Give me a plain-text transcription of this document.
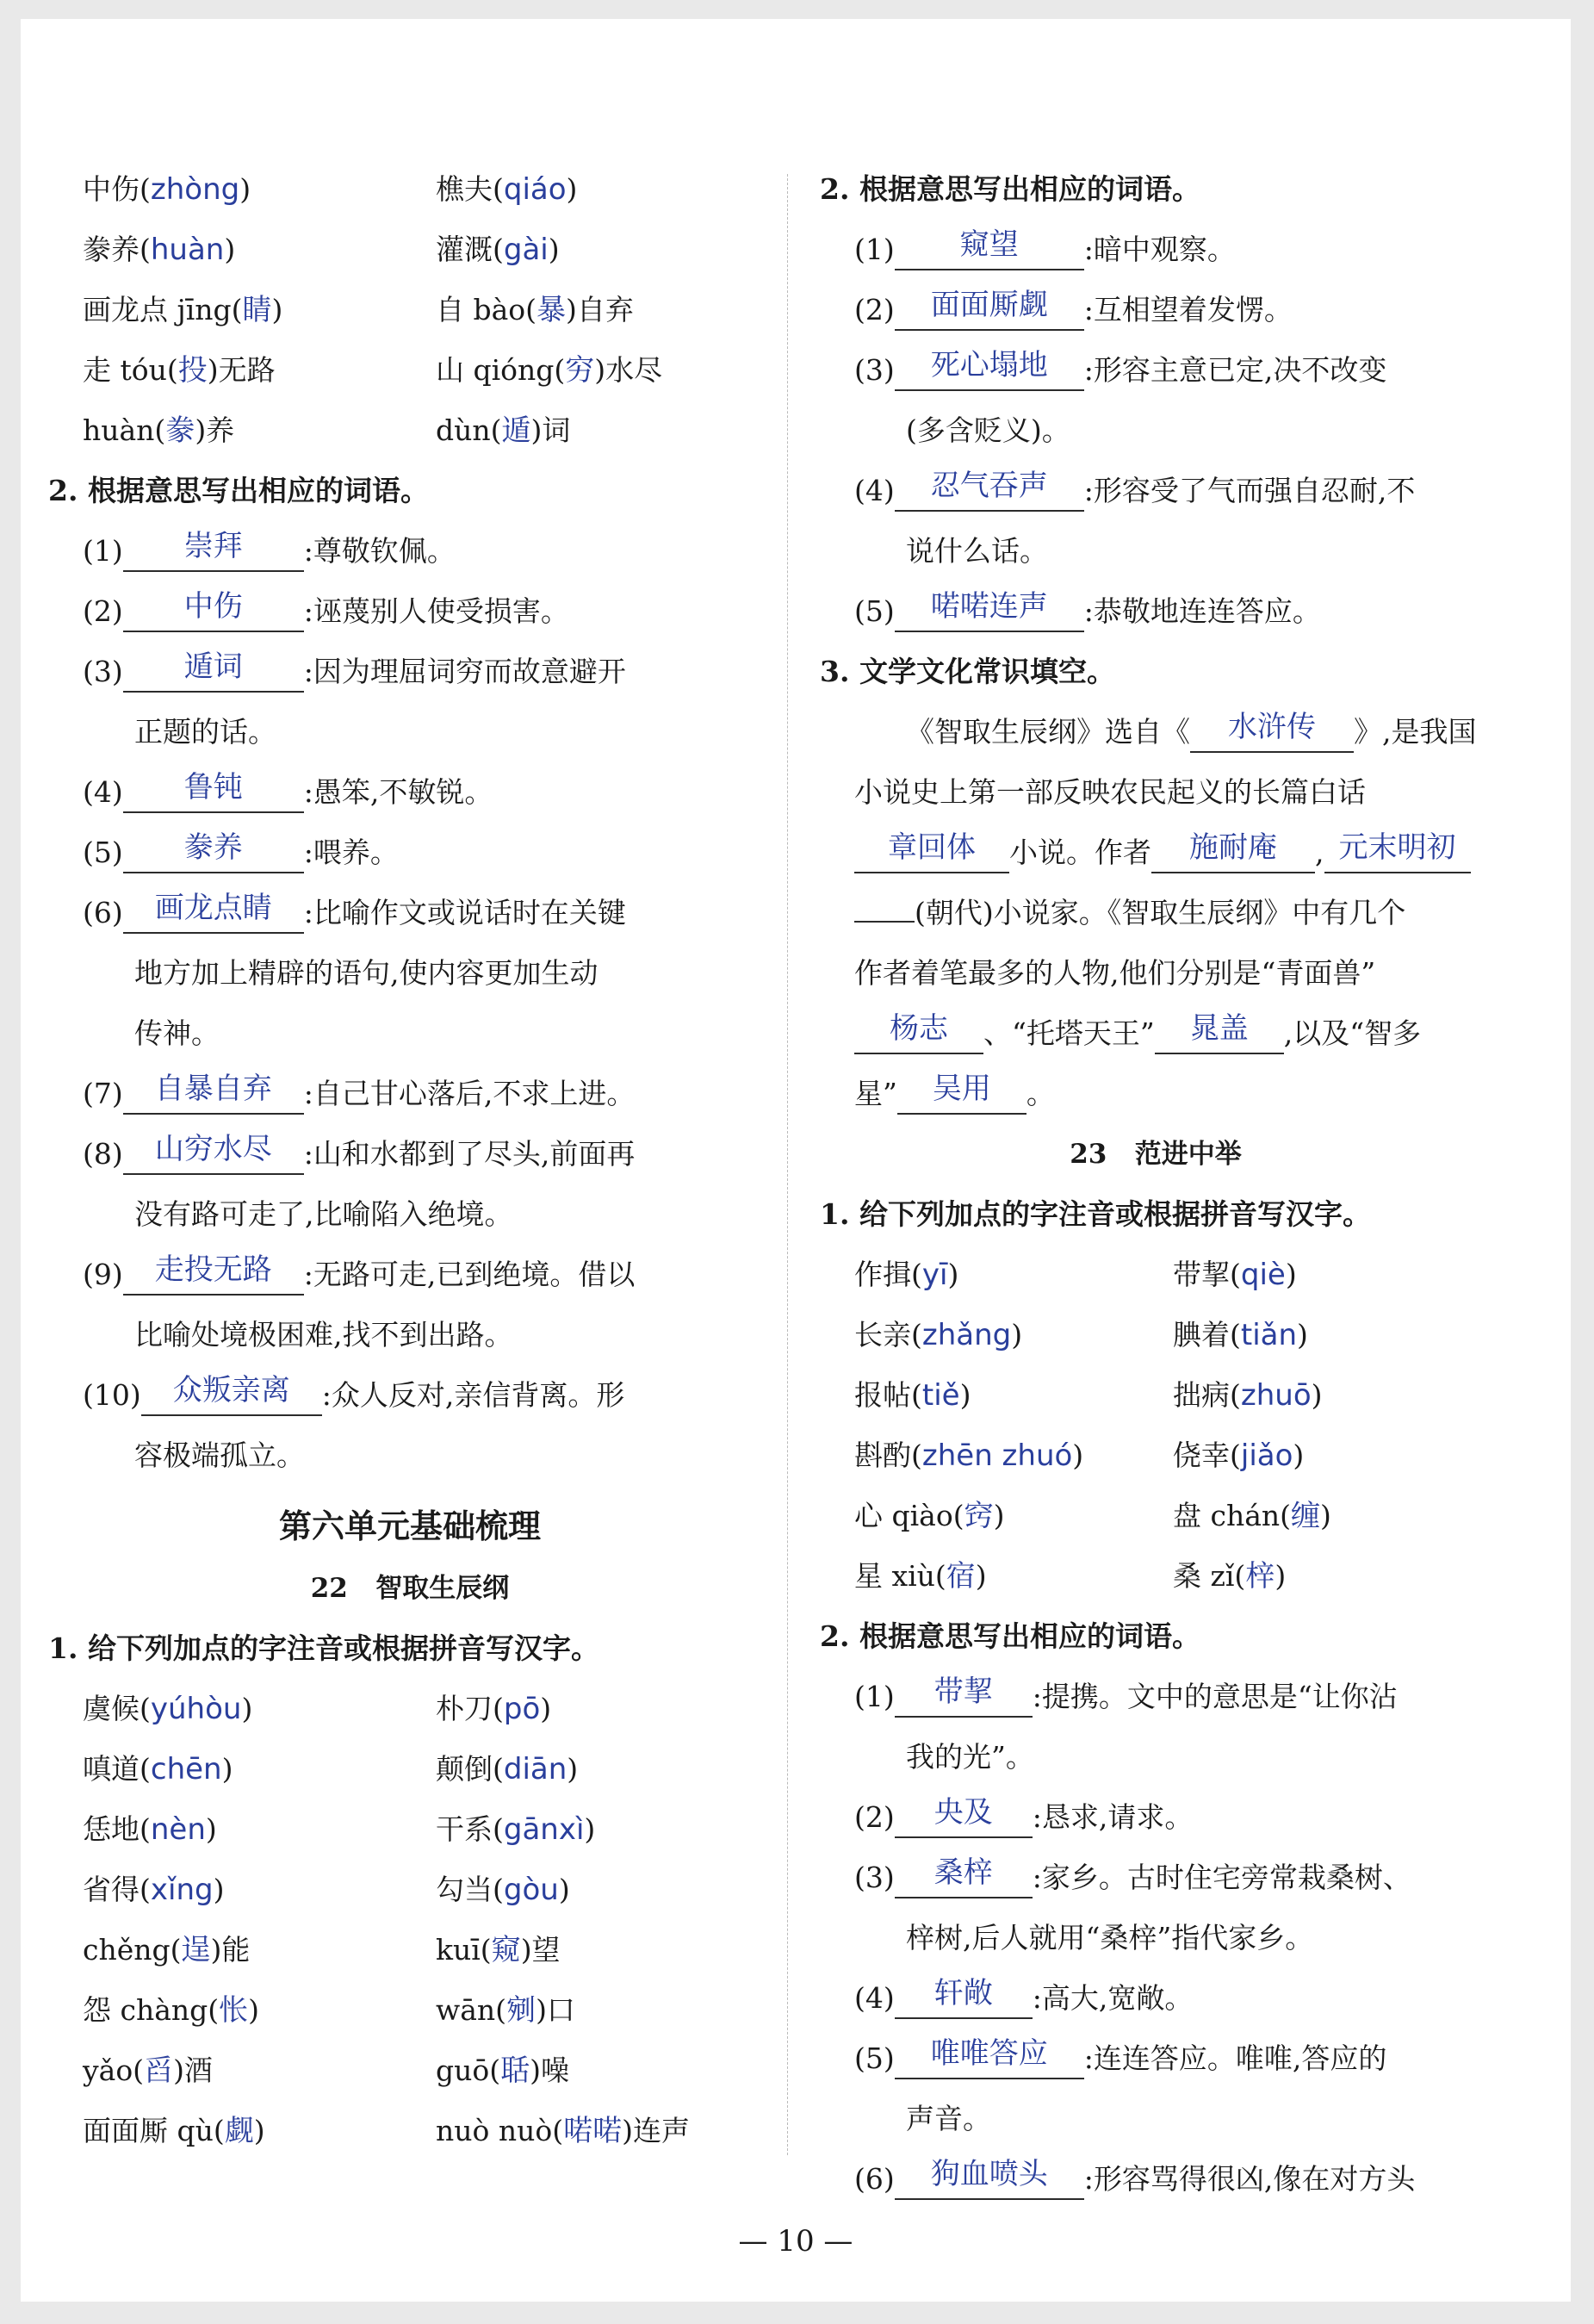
中伤(zhòng)	樵夫(qiáo)
豢养(huàn)	灌溉(gài)
画龙点 jīng(睛)	自 bào(暴)自弃
走 tóu(投)无路	山 qióng(穷)水尽
huàn(豢)养	dùn(遁)词
2. 根据意思写出相应的词语。
(1) 崇拜 :尊敬钦佩。
(2) 中伤 :诬蔑别人使受损害。
(3) 遁词 :因为理屈词穷而故意避开
正题的话。
(4) 鲁钝 :愚笨,不敏锐。
(5) 豢养 :喂养。
(6) 画龙点睛 :比喻作文或说话时在关键
地方加上精辟的语句,使内容更加生动
传神。
(7) 自暴自弃 :自己甘心落后,不求上进。
(8) 山穷水尽 :山和水都到了尽头,前面再
没有路可走了,比喻陷入绝境。
(9) 走投无路 :无路可走,已到绝境。借以
比喻处境极困难,找不到出路。
(10) 众叛亲离 :众人反对,亲信背离。形
容极端孤立。
第六单元基础梳理
22 智取生辰纲
1. 给下列加点的字注音或根据拼音写汉字。
虞候(yúhòu)	朴刀(pō)
嗔道(chēn)	颠倒(diān)
恁地(nèn)	干系(gānxì)
省得(xǐng)	勾当(gòu)
chěng(逞)能	kuī(窥)望
怨 chàng(怅)	wān(剜)口
yǎo(舀)酒	guō(聒)噪
面面厮 qù(觑)	nuò nuò(喏喏)连声
2. 根据意思写出相应的词语。
(1) 窥望 :暗中观察。
(2) 面面厮觑 :互相望着发愣。
(3) 死心塌地 :形容主意已定,决不改变
(多含贬义)。
(4) 忍气吞声 :形容受了气而强自忍耐,不
说什么话。
(5) 喏喏连声 :恭敬地连连答应。
3. 文学文化常识填空。
《智取生辰纲》选自《 水浒传 》,是我国
小说史上第一部反映农民起义的长篇白话
章回体 小说。作者 施耐庵 , 元末明初
(朝代)小说家。《智取生辰纲》中有几个
作者着笔最多的人物,他们分别是“青面兽”
杨志 、“托塔天王” 晁盖 ,以及“智多
星” 吴用 。
23 范进中举
1. 给下列加点的字注音或根据拼音写汉字。
作揖(yī)	带挈(qiè)
长亲(zhǎng)	腆着(tiǎn)
报帖(tiě)	拙病(zhuō)
斟酌(zhēn zhuó)	侥幸(jiǎo)
心 qiào(窍)	盘 chán(缠)
星 xiù(宿)	桑 zǐ(梓)
2. 根据意思写出相应的词语。
(1) 带挈 :提携。文中的意思是“让你沾
我的光”。
(2) 央及 :恳求,请求。
(3) 桑梓 :家乡。古时住宅旁常栽桑树、
梓树,后人就用“桑梓”指代家乡。
(4) 轩敞 :高大,宽敞。
(5) 唯唯答应 :连连答应。唯唯,答应的
声音。
(6) 狗血喷头 :形容骂得很凶,像在对方头
— 10 —
